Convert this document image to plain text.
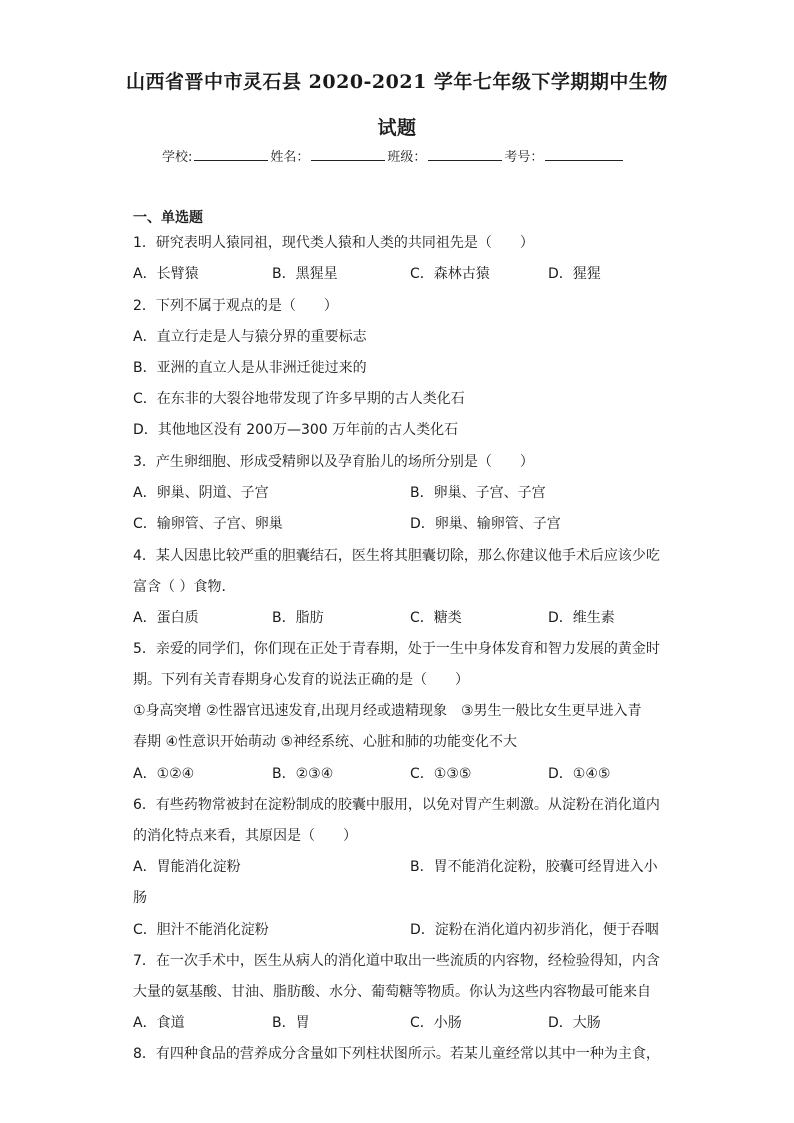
山西省晋中市灵石县 2020-2021 学年七年级下学期期中生物
试题
学校:	姓名：	班级：	考号：
一、单选题
1．研究表明人猿同祖，现代类人猿和人类的共同祖先是（　　）
A．长臂猿	B．黑猩星	C．森林古猿	D．猩猩
2．下列不属于观点的是（　　）
A．直立行走是人与猿分界的重要标志
B．亚洲的直立人是从非洲迁徙过来的
C．在东非的大裂谷地带发现了许多早期的古人类化石
D．其他地区没有 200万—300 万年前的古人类化石
3．产生卵细胞、形成受精卵以及孕育胎儿的场所分别是（　　）
A．卵巢、阴道、子宫	B．卵巢、子宫、子宫
C．输卵管、子宫、卵巢	D．卵巢、输卵管、子宫
4．某人因患比较严重的胆囊结石，医生将其胆囊切除，那么你建议他手术后应该少吃
富含（ ）食物．
A．蛋白质	B．脂肪	C．糖类	D．维生素
5．亲爱的同学们，你们现在正处于青春期，处于一生中身体发育和智力发展的黄金时
期。下列有关青春期身心发育的说法正确的是（　　）
①身高突增 ②性器官迅速发育,出现月经或遗精现象　③男生一般比女生更早进入青
春期 ④性意识开始萌动 ⑤神经系统、心脏和肺的功能变化不大
A．①②④	B．②③④	C．①③⑤	D．①④⑤
6．有些药物常被封在淀粉制成的胶囊中服用，以免对胃产生刺激。从淀粉在消化道内
的消化特点来看，其原因是（　　）
A．胃能消化淀粉	B．胃不能消化淀粉，胶囊可经胃进入小
肠
C．胆汁不能消化淀粉	D．淀粉在消化道内初步消化，便于吞咽
7．在一次手术中，医生从病人的消化道中取出一些流质的内容物，经检验得知，内含
大量的氨基酸、甘油、脂肪酸、水分、葡萄糖等物质。你认为这些内容物最可能来自
A．食道	B．胃	C．小肠	D．大肠
8．有四种食品的营养成分含量如下列柱状图所示。若某儿童经常以其中一种为主食，
